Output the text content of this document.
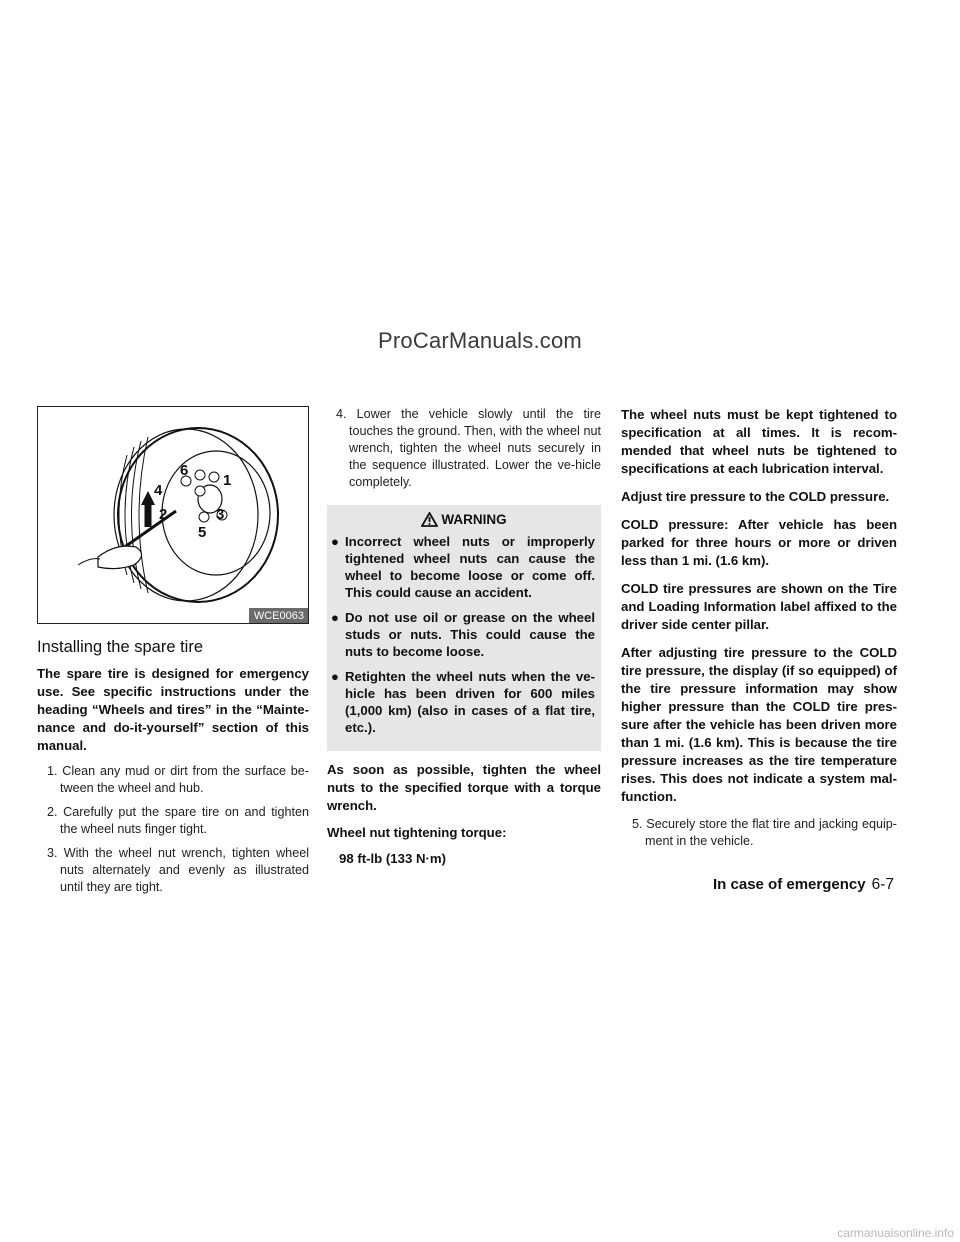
ProCarManuals.com
6
1
4
2	3
5
WCE0063
Installing the spare tire

The spare tire is designed for emergency use. See specific instructions under the heading “Wheels and tires” in the “Mainte-nance and do-it-yourself” section of this manual.

1. Clean any mud or dirt from the surface be-tween the wheel and hub.

2. Carefully put the spare tire on and tighten the wheel nuts finger tight.

3. With the wheel nut wrench, tighten wheel nuts alternately and evenly as illustrated until they are tight.

4. Lower the vehicle slowly until the tire touches the ground. Then, with the wheel nut wrench, tighten the wheel nuts securely in the sequence illustrated. Lower the ve-hicle completely.

WARNING
● Incorrect wheel nuts or improperly tightened wheel nuts can cause the wheel to become loose or come off. This could cause an accident.
● Do not use oil or grease on the wheel studs or nuts. This could cause the nuts to become loose.
● Retighten the wheel nuts when the ve-hicle has been driven for 600 miles (1,000 km) (also in cases of a flat tire, etc.).

As soon as possible, tighten the wheel nuts to the specified torque with a torque wrench.

Wheel nut tightening torque:

98 ft-lb (133 N·m)

The wheel nuts must be kept tightened to specification at all times. It is recom-mended that wheel nuts be tightened to specifications at each lubrication interval.

Adjust tire pressure to the COLD pressure.

COLD pressure: After vehicle has been parked for three hours or more or driven less than 1 mi. (1.6 km).

COLD tire pressures are shown on the Tire and Loading Information label affixed to the driver side center pillar.

After adjusting tire pressure to the COLD tire pressure, the display (if so equipped) of the tire pressure information may show higher pressure than the COLD tire pres-sure after the vehicle has been driven more than 1 mi. (1.6 km). This is because the tire pressure increases as the tire temperature rises. This does not indicate a system mal-function.

5. Securely store the flat tire and jacking equip-ment in the vehicle.

In case of emergency 6-7
carmanualsonline.info
